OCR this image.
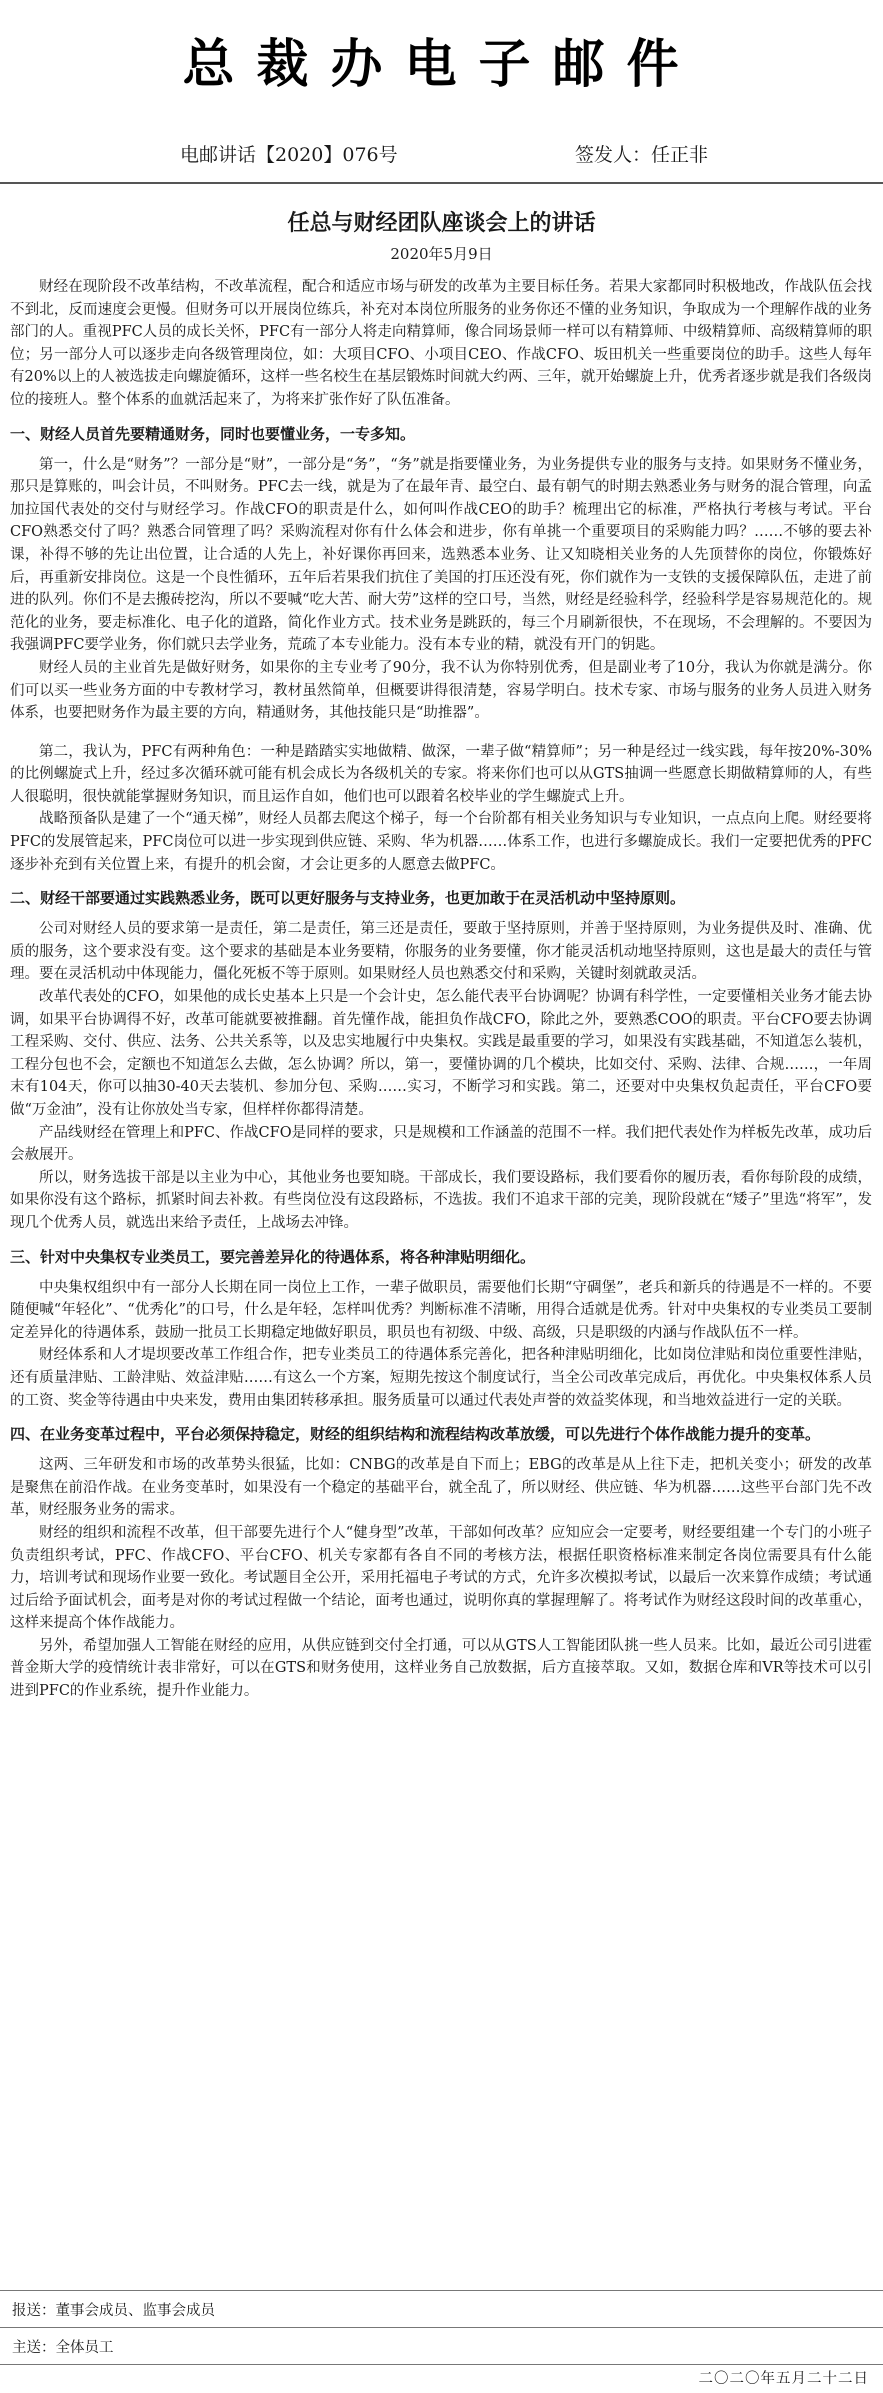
总裁办电子邮件
电邮讲话【2020】076号	签发人：任正非
任总与财经团队座谈会上的讲话
2020年5月9日

财经在现阶段不改革结构，不改革流程，配合和适应市场与研发的改革为主要目标任务。若果大家都同时积极地改，作战队伍会找不到北，反而速度会更慢。但财务可以开展岗位练兵，补充对本岗位所服务的业务你还不懂的业务知识，争取成为一个理解作战的业务部门的人。重视PFC人员的成长关怀，PFC有一部分人将走向精算师，像合同场景师一样可以有精算师、中级精算师、高级精算师的职位；另一部分人可以逐步走向各级管理岗位，如：大项目CFO、小项目CEO、作战CFO、坂田机关一些重要岗位的助手。这些人每年有20%以上的人被选拔走向螺旋循环，这样一些名校生在基层锻炼时间就大约两、三年，就开始螺旋上升，优秀者逐步就是我们各级岗位的接班人。整个体系的血就活起来了，为将来扩张作好了队伍准备。

一、财经人员首先要精通财务，同时也要懂业务，一专多知。

第一，什么是“财务”？一部分是“财”，一部分是“务”，“务”就是指要懂业务，为业务提供专业的服务与支持。如果财务不懂业务，那只是算账的，叫会计员，不叫财务。PFC去一线，就是为了在最年青、最空白、最有朝气的时期去熟悉业务与财务的混合管理，向孟加拉国代表处的交付与财经学习。作战CFO的职责是什么，如何叫作战CEO的助手？梳理出它的标准，严格执行考核与考试。平台CFO熟悉交付了吗？熟悉合同管理了吗？采购流程对你有什么体会和进步，你有单挑一个重要项目的采购能力吗？……不够的要去补课，补得不够的先让出位置，让合适的人先上，补好课你再回来，选熟悉本业务、让又知晓相关业务的人先顶替你的岗位，你锻炼好后，再重新安排岗位。这是一个良性循环，五年后若果我们抗住了美国的打压还没有死，你们就作为一支铁的支援保障队伍，走进了前进的队列。你们不是去搬砖挖沟，所以不要喊“吃大苦、耐大劳”这样的空口号，当然，财经是经验科学，经验科学是容易规范化的。规范化的业务，要走标准化、电子化的道路，简化作业方式。技术业务是跳跃的，每三个月刷新很快，不在现场，不会理解的。不要因为我强调PFC要学业务，你们就只去学业务，荒疏了本专业能力。没有本专业的精，就没有开门的钥匙。

财经人员的主业首先是做好财务，如果你的主专业考了90分，我不认为你特别优秀，但是副业考了10分，我认为你就是满分。你们可以买一些业务方面的中专教材学习，教材虽然简单，但概要讲得很清楚，容易学明白。技术专家、市场与服务的业务人员进入财务体系，也要把财务作为最主要的方向，精通财务，其他技能只是“助推器”。

第二，我认为，PFC有两种角色：一种是踏踏实实地做精、做深，一辈子做“精算师”；另一种是经过一线实践，每年按20%-30%的比例螺旋式上升，经过多次循环就可能有机会成长为各级机关的专家。将来你们也可以从GTS抽调一些愿意长期做精算师的人，有些人很聪明，很快就能掌握财务知识，而且运作自如，他们也可以跟着名校毕业的学生螺旋式上升。

战略预备队是建了一个“通天梯”，财经人员都去爬这个梯子，每一个台阶都有相关业务知识与专业知识，一点点向上爬。财经要将PFC的发展管起来，PFC岗位可以进一步实现到供应链、采购、华为机器……体系工作，也进行多螺旋成长。我们一定要把优秀的PFC逐步补充到有关位置上来，有提升的机会窗，才会让更多的人愿意去做PFC。

二、财经干部要通过实践熟悉业务，既可以更好服务与支持业务，也更加敢于在灵活机动中坚持原则。

公司对财经人员的要求第一是责任，第二是责任，第三还是责任，要敢于坚持原则，并善于坚持原则，为业务提供及时、准确、优质的服务，这个要求没有变。这个要求的基础是本业务要精，你服务的业务要懂，你才能灵活机动地坚持原则，这也是最大的责任与管理。要在灵活机动中体现能力，僵化死板不等于原则。如果财经人员也熟悉交付和采购，关键时刻就敢灵活。

改革代表处的CFO，如果他的成长史基本上只是一个会计史，怎么能代表平台协调呢？协调有科学性，一定要懂相关业务才能去协调，如果平台协调得不好，改革可能就要被推翻。首先懂作战，能担负作战CFO，除此之外，要熟悉COO的职责。平台CFO要去协调工程采购、交付、供应、法务、公共关系等，以及忠实地履行中央集权。实践是最重要的学习，如果没有实践基础，不知道怎么装机，工程分包也不会，定额也不知道怎么去做，怎么协调？所以，第一，要懂协调的几个模块，比如交付、采购、法律、合规……，一年周末有104天，你可以抽30-40天去装机、参加分包、采购……实习，不断学习和实践。第二，还要对中央集权负起责任，平台CFO要做“万金油”，没有让你放处当专家，但样样你都得清楚。

产品线财经在管理上和PFC、作战CFO是同样的要求，只是规模和工作涵盖的范围不一样。我们把代表处作为样板先改革，成功后会赦展开。

所以，财务选拔干部是以主业为中心，其他业务也要知晓。干部成长，我们要设路标，我们要看你的履历表，看你每阶段的成绩，如果你没有这个路标，抓紧时间去补救。有些岗位没有这段路标，不选拔。我们不追求干部的完美，现阶段就在“矮子”里选“将军”，发现几个优秀人员，就选出来给予责任，上战场去冲锋。

三、针对中央集权专业类员工，要完善差异化的待遇体系，将各种津贴明细化。

中央集权组织中有一部分人长期在同一岗位上工作，一辈子做职员，需要他们长期“守碉堡”，老兵和新兵的待遇是不一样的。不要随便喊“年轻化”、“优秀化”的口号，什么是年轻，怎样叫优秀？判断标准不清晰，用得合适就是优秀。针对中央集权的专业类员工要制定差异化的待遇体系，鼓励一批员工长期稳定地做好职员，职员也有初级、中级、高级，只是职级的内涵与作战队伍不一样。

财经体系和人才堤坝要改革工作组合作，把专业类员工的待遇体系完善化，把各种津贴明细化，比如岗位津贴和岗位重要性津贴，还有质量津贴、工龄津贴、效益津贴……有这么一个方案，短期先按这个制度试行，当全公司改革完成后，再优化。中央集权体系人员的工资、奖金等待遇由中央来发，费用由集团转移承担。服务质量可以通过代表处声誉的效益奖体现，和当地效益进行一定的关联。

四、在业务变革过程中，平台必须保持稳定，财经的组织结构和流程结构改革放缓，可以先进行个体作战能力提升的变革。

这两、三年研发和市场的改革势头很猛，比如：CNBG的改革是自下而上；EBG的改革是从上往下走，把机关变小；研发的改革是聚焦在前沿作战。在业务变革时，如果没有一个稳定的基础平台，就全乱了，所以财经、供应链、华为机器……这些平台部门先不改革，财经服务业务的需求。

财经的组织和流程不改革，但干部要先进行个人“健身型”改革，干部如何改革？应知应会一定要考，财经要组建一个专门的小班子负责组织考试，PFC、作战CFO、平台CFO、机关专家都有各自不同的考核方法，根据任职资格标准来制定各岗位需要具有什么能力，培训考试和现场作业要一致化。考试题目全公开，采用托福电子考试的方式，允许多次模拟考试，以最后一次来算作成绩；考试通过后给予面试机会，面考是对你的考试过程做一个结论，面考也通过，说明你真的掌握理解了。将考试作为财经这段时间的改革重心，这样来提高个体作战能力。

另外，希望加强人工智能在财经的应用，从供应链到交付全打通，可以从GTS人工智能团队挑一些人员来。比如，最近公司引进霍普金斯大学的疫情统计表非常好，可以在GTS和财务使用，这样业务自己放数据，后方直接萃取。又如，数据仓库和VR等技术可以引进到PFC的作业系统，提升作业能力。

报送：董事会成员、监事会成员
主送：全体员工
二〇二〇年五月二十二日
